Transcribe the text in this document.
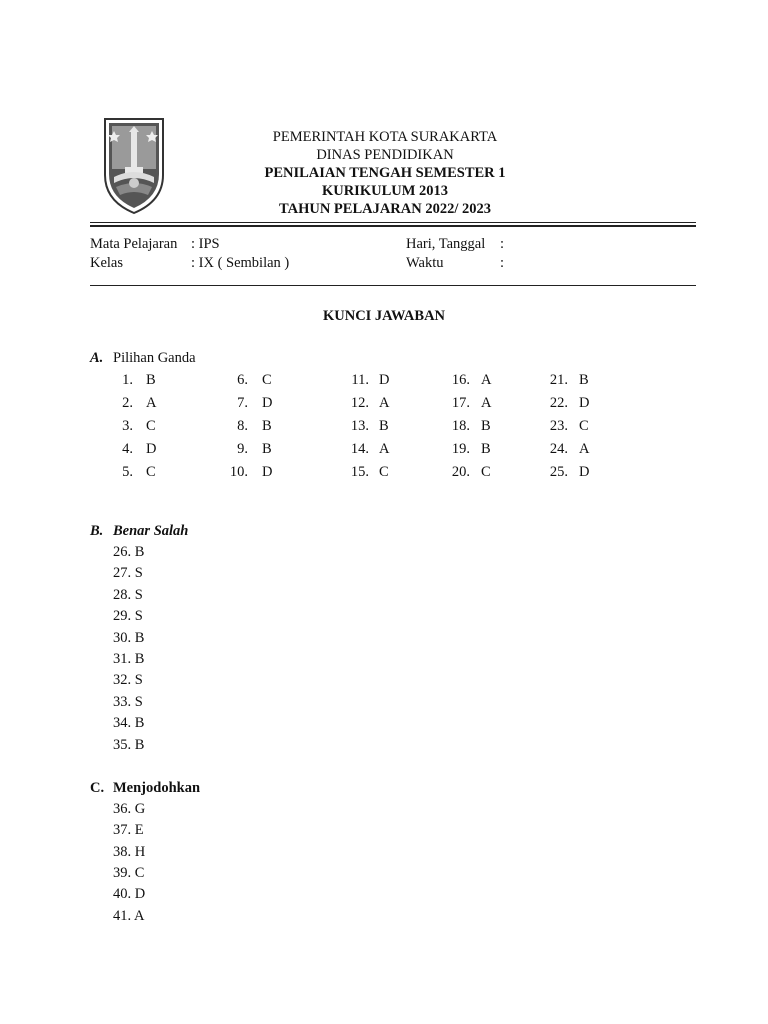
PEMERINTAH KOTA SURAKARTA
DINAS PENDIDIKAN
PENILAIAN TENGAH SEMESTER 1
KURIKULUM 2013
TAHUN PELAJARAN 2022/ 2023
Mata Pelajaran : IPS
Kelas	: IX ( Sembilan )
Hari, Tanggal :
Waktu	:
KUNCI JAWABAN
A. Pilihan Ganda
1. B
2. A
3. C
4. D
5. C
6. C
7. D
8. B
9. B
10. D
11. D
12. A
13. B
14. A
15. C
16. A
17. A
18. B
19. B
20. C
21. B
22. D
23. C
24. A
25. D
B. Benar Salah
26. B
27. S
28. S
29. S
30. B
31. B
32. S
33. S
34. B
35. B
C. Menjodohkan
36. G
37. E
38. H
39. C
40. D
41. A
